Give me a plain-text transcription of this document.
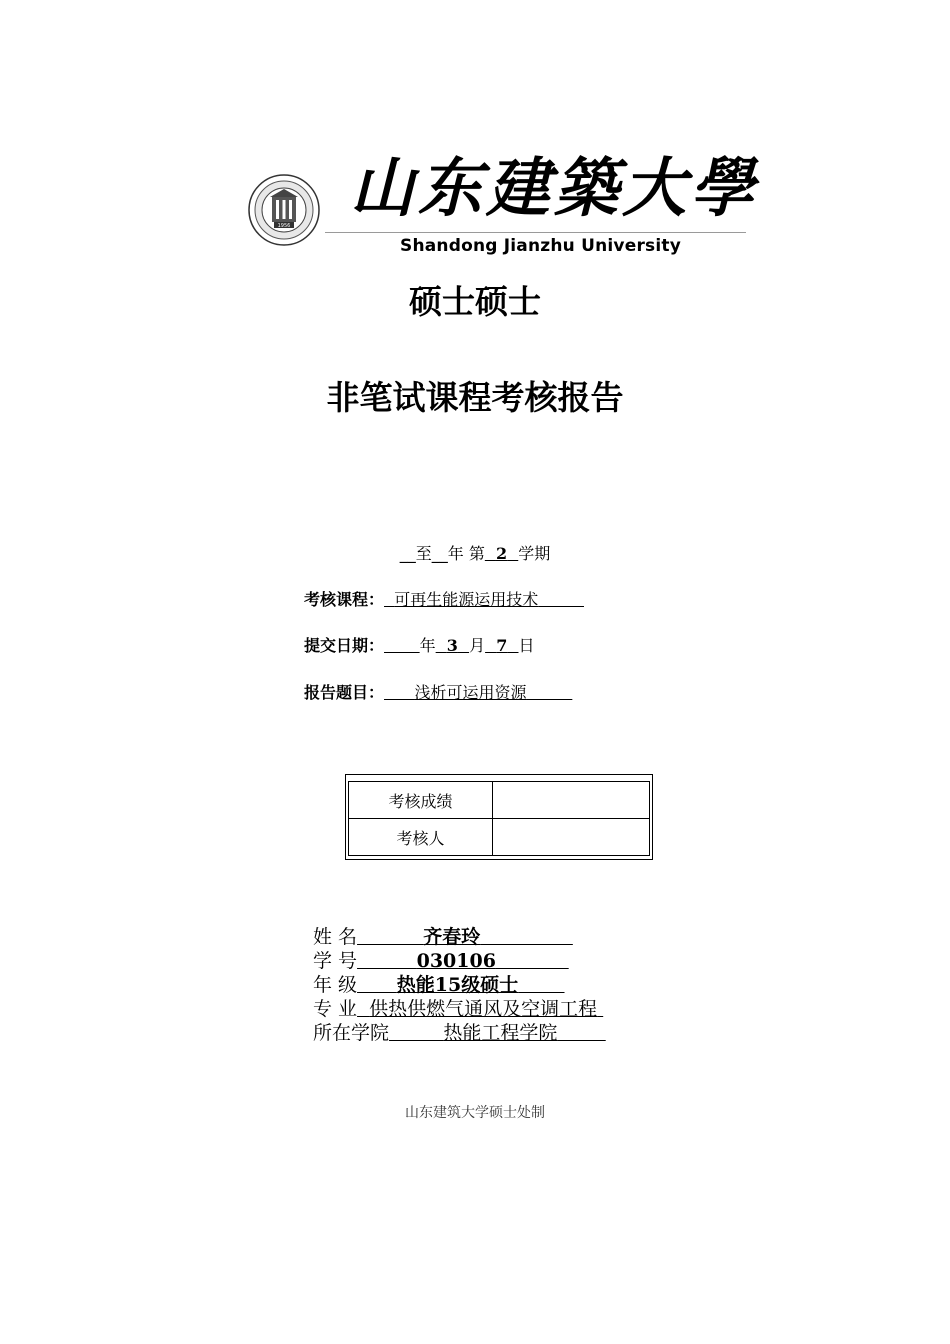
1956 山东建築大學
Shandong Jianzhu University
硕士硕士
非笔试课程考核报告
__至__年 第 2 学期
考核课程： 可再生能源运用技术
提交日期： 年 3 月 7 日
报告题目： 浅析可运用资源
考核成绩	
考核人	
姓 名	齐春玲
学 号	030106
年 级 热能15级硕士
专 业 供热供燃气通风及空调工程
所在学院	热能工程学院
山东建筑大学硕士处制
